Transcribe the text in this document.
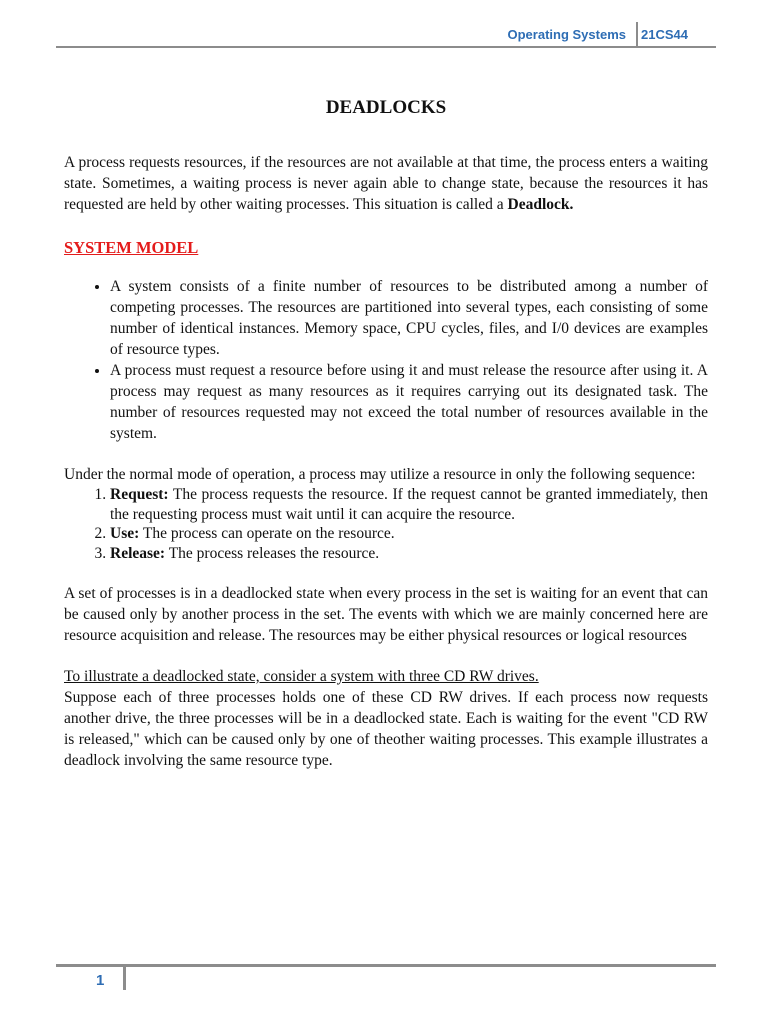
Operating Systems 21CS44
DEADLOCKS

A process requests resources, if the resources are not available at that time, the process enters a waiting state. Sometimes, a waiting process is never again able to change state, because the resources it has requested are held by other waiting processes. This situation is called a Deadlock.

SYSTEM MODEL
• A system consists of a finite number of resources to be distributed among a number of competing processes. The resources are partitioned into several types, each consisting of some number of identical instances. Memory space, CPU cycles, files, and I/0 devices are examples of resource types.
• A process must request a resource before using it and must release the resource after using it. A process may request as many resources as it requires carrying out its designated task. The number of resources requested may not exceed the total number of resources available in the system.

Under the normal mode of operation, a process may utilize a resource in only the following sequence:

1. Request: The process requests the resource. If the request cannot be granted immediately, then the requesting process must wait until it can acquire the resource.
2. Use: The process can operate on the resource.
3. Release: The process releases the resource.

A set of processes is in a deadlocked state when every process in the set is waiting for an event that can be caused only by another process in the set. The events with which we are mainly concerned here are resource acquisition and release. The resources may be either physical resources or logical resources

To illustrate a deadlocked state, consider a system with three CD RW drives.

Suppose each of three processes holds one of these CD RW drives. If each process now requests another drive, the three processes will be in a deadlocked state. Each is waiting for the event "CD RW is released," which can be caused only by one of theother waiting processes. This example illustrates a deadlock involving the same resource type.

1
